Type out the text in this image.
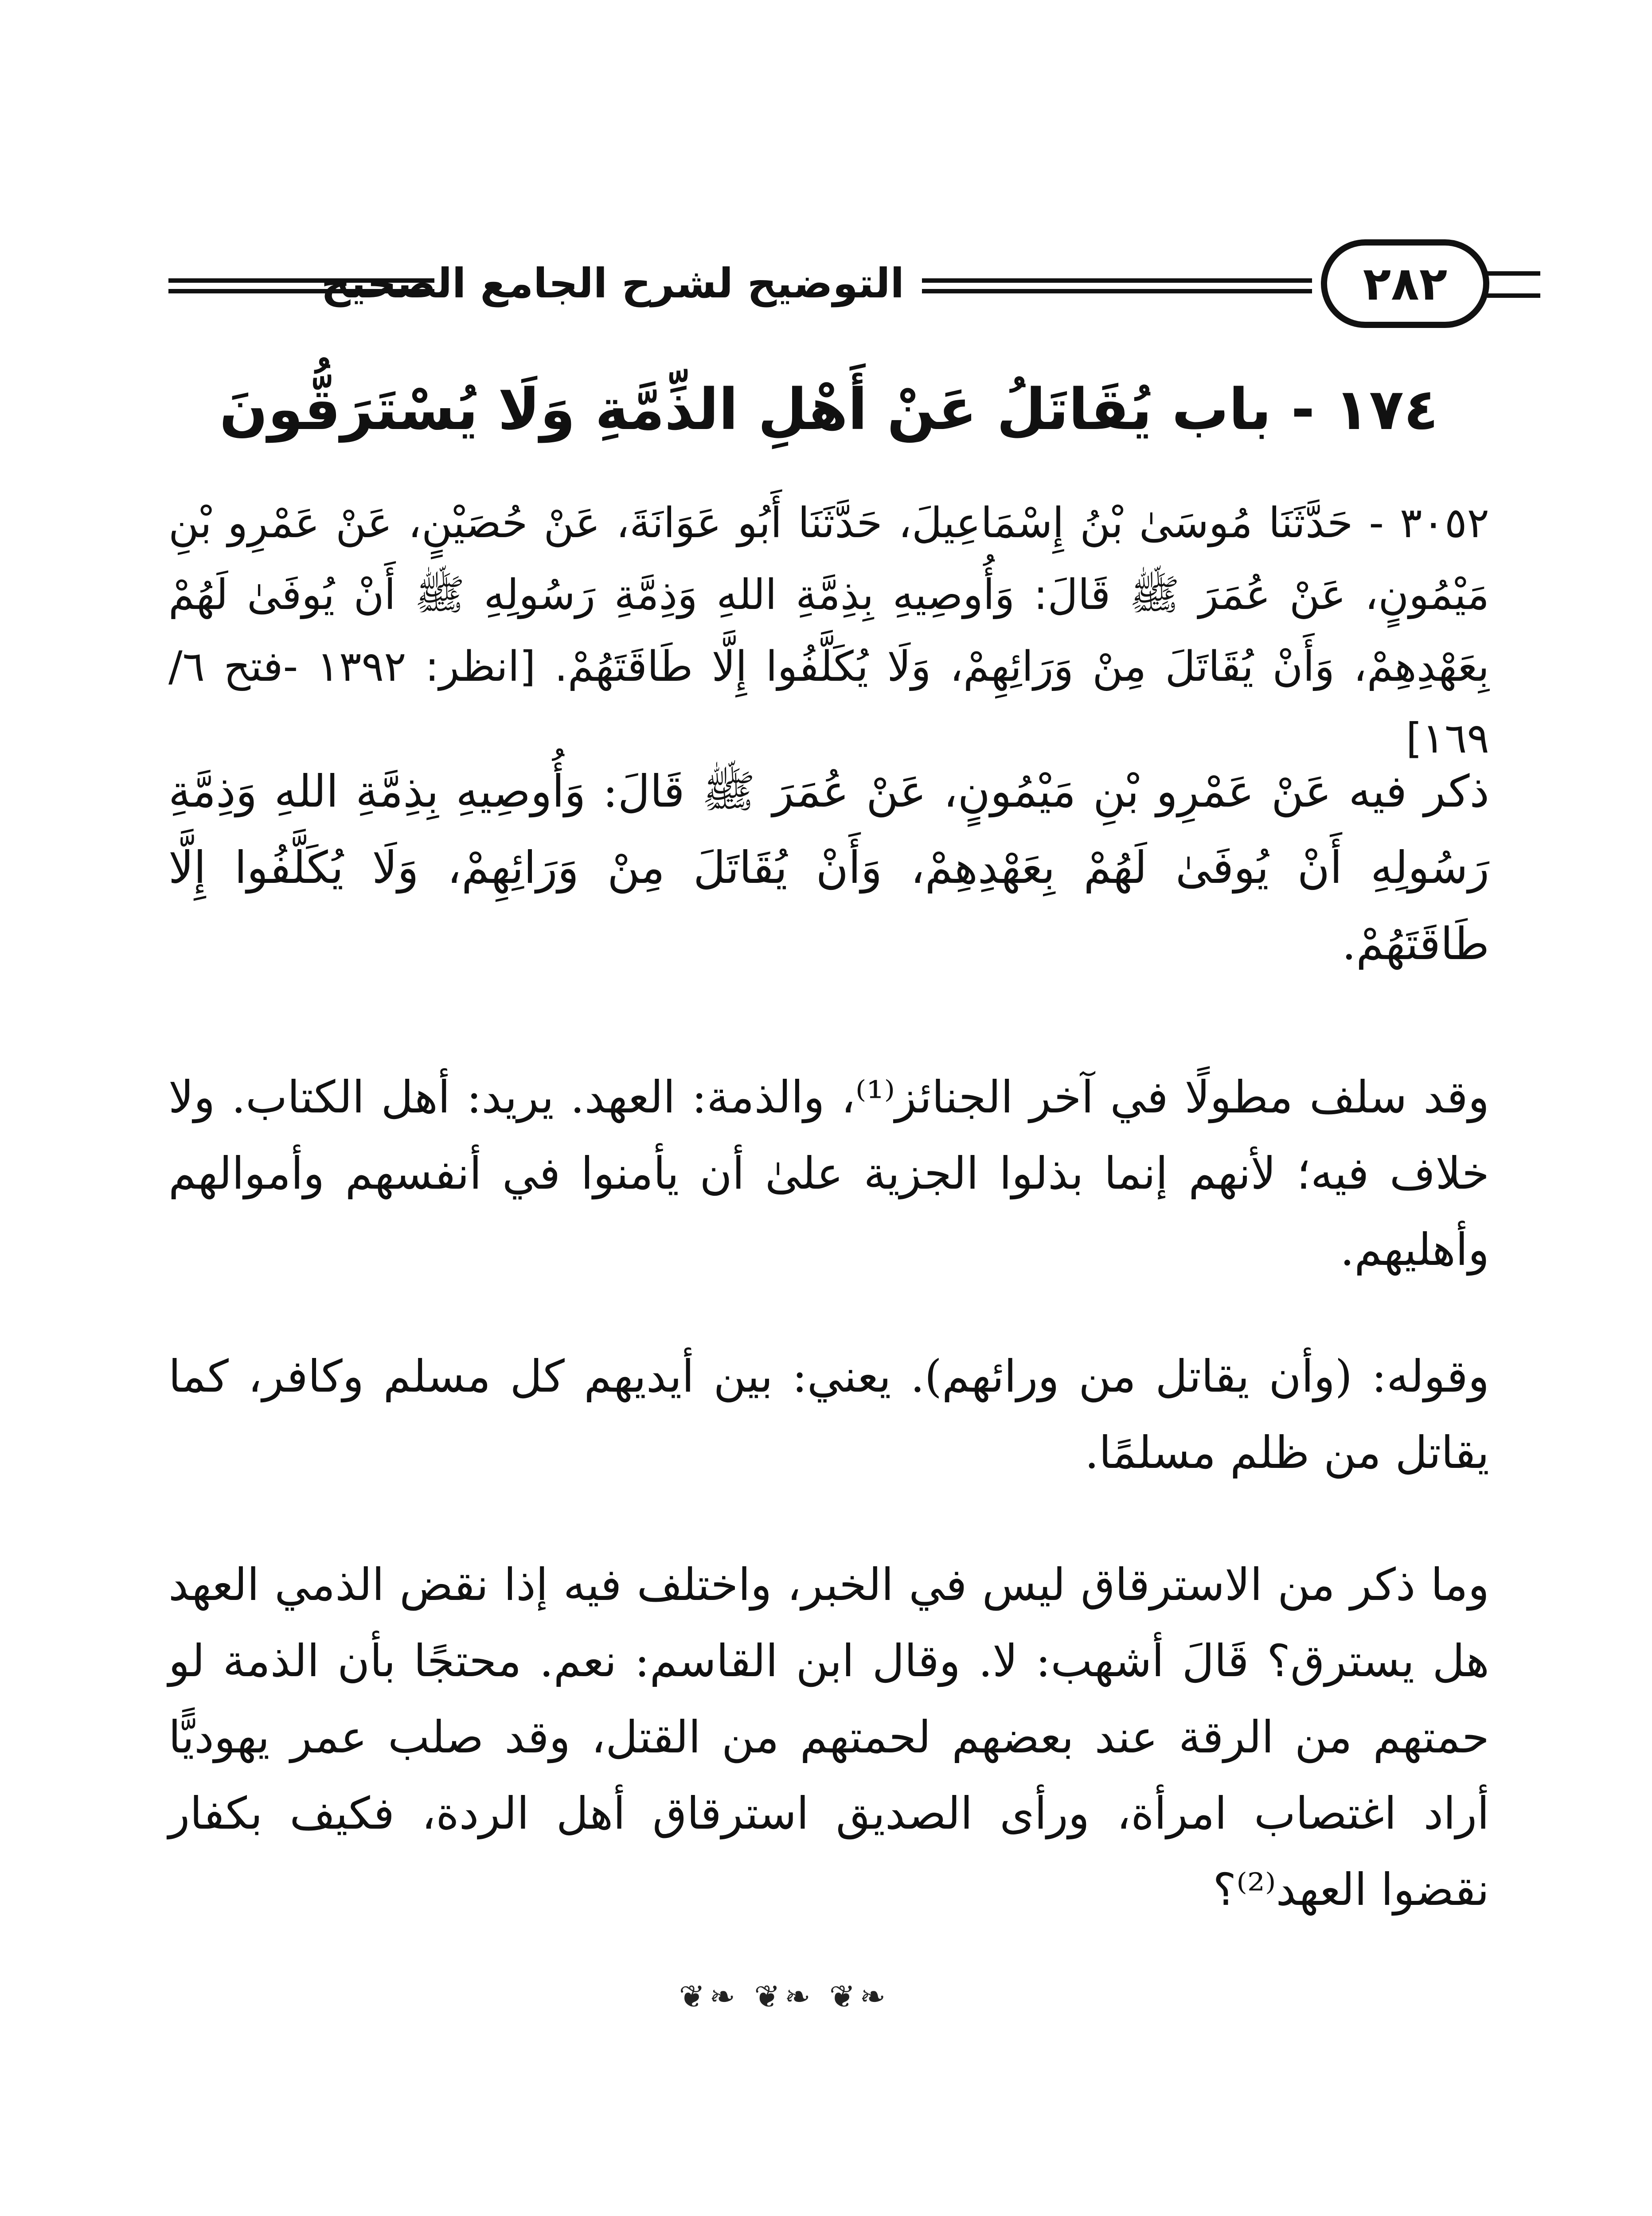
التوضيح لشرح الجامع الصحيح	٢٨٢
١٧٤ - باب يُقَاتَلُ عَنْ أَهْلِ الذِّمَّةِ وَلَا يُسْتَرَقُّونَ
٣٠٥٢ - حَدَّثَنَا مُوسَىٰ بْنُ إِسْمَاعِيلَ، حَدَّثَنَا أَبُو عَوَانَةَ، عَنْ حُصَيْنٍ، عَنْ عَمْرِو بْنِ مَيْمُونٍ، عَنْ عُمَرَ ﷺ قَالَ: وَأُوصِيهِ بِذِمَّةِ اللهِ وَذِمَّةِ رَسُولِهِ ﷺ أَنْ يُوفَىٰ لَهُمْ بِعَهْدِهِمْ، وَأَنْ يُقَاتَلَ مِنْ وَرَائِهِمْ، وَلَا يُكَلَّفُوا إِلَّا طَاقَتَهُمْ. [انظر: ١٣٩٢ -فتح ٦/ ١٦٩]
ذكر فيه عَنْ عَمْرِو بْنِ مَيْمُونٍ، عَنْ عُمَرَ ﷺ قَالَ: وَأُوصِيهِ بِذِمَّةِ اللهِ وَذِمَّةِ رَسُولِهِ أَنْ يُوفَىٰ لَهُمْ بِعَهْدِهِمْ، وَأَنْ يُقَاتَلَ مِنْ وَرَائِهِمْ، وَلَا يُكَلَّفُوا إِلَّا طَاقَتَهُمْ.
وقد سلف مطولًا في آخر الجنائز⁽¹⁾، والذمة: العهد. يريد: أهل الكتاب. ولا خلاف فيه؛ لأنهم إنما بذلوا الجزية علىٰ أن يأمنوا في أنفسهم وأموالهم وأهليهم.
وقوله: (وأن يقاتل من ورائهم). يعني: بين أيديهم كل مسلم وكافر، كما يقاتل من ظلم مسلمًا.
وما ذكر من الاسترقاق ليس في الخبر، واختلف فيه إذا نقض الذمي العهد هل يسترق؟ قَالَ أشهب: لا. وقال ابن القاسم: نعم. محتجًا بأن الذمة لو حمتهم من الرقة عند بعضهم لحمتهم من القتل، وقد صلب عمر يهوديًّا أراد اغتصاب امرأة، ورأى الصديق استرقاق أهل الردة، فكيف بكفار نقضوا العهد⁽²⁾؟
❦❧ ❦❧ ❦❧
